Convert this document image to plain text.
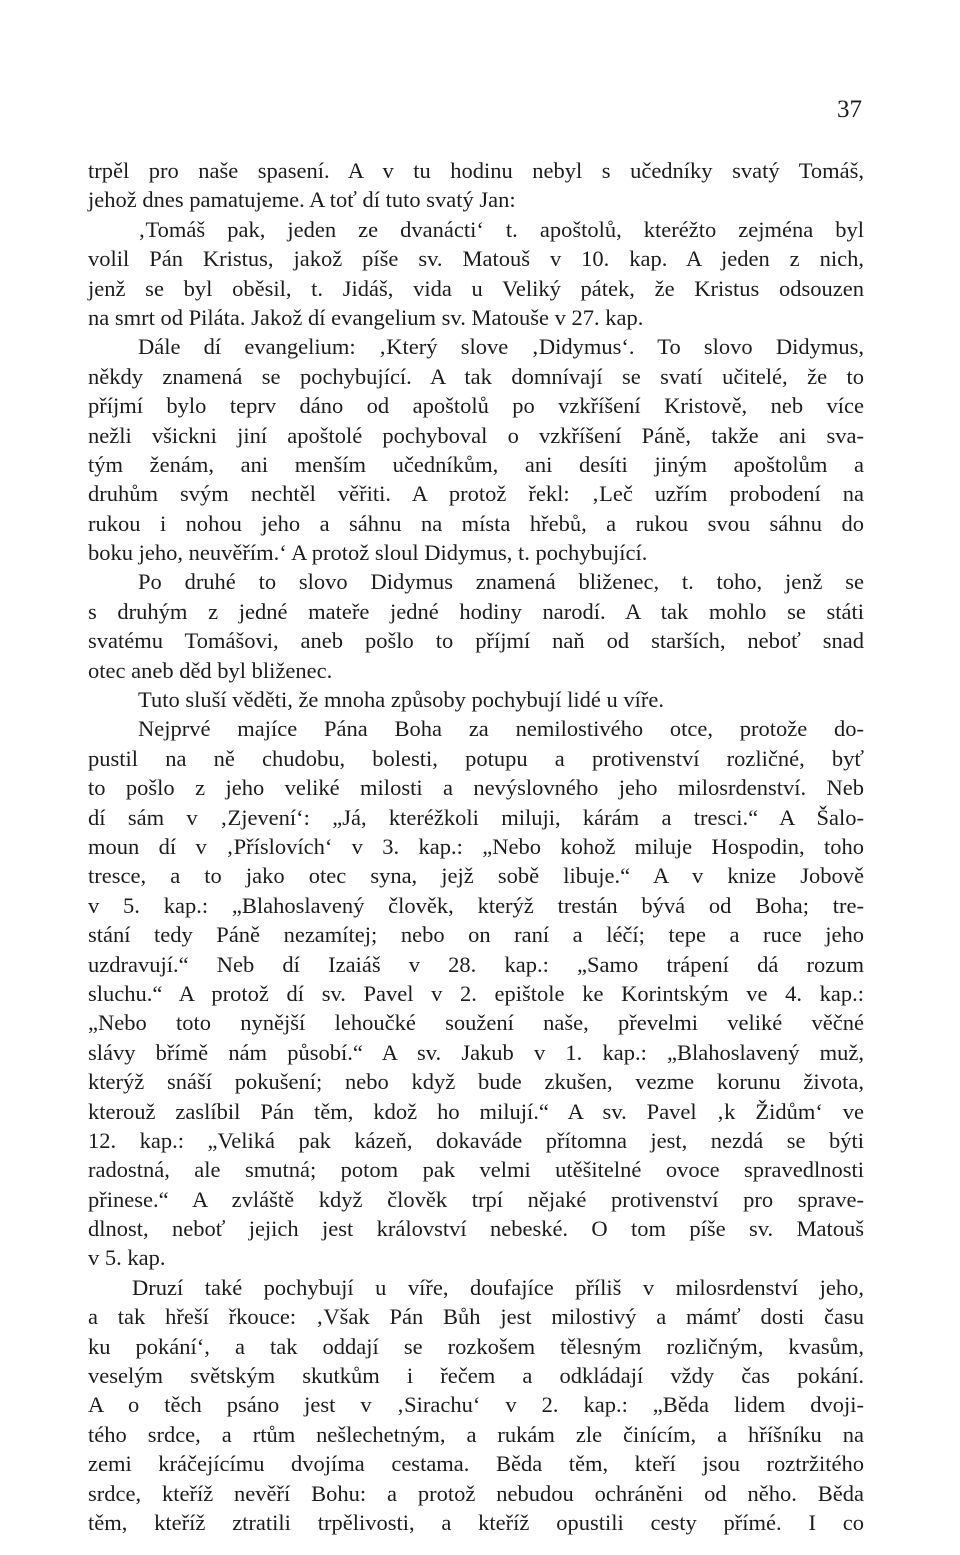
37
trpěl pro naše spasení. A v tu hodinu nebyl s učedníky svatý Tomáš,
jehož dnes pamatujeme. A toť dí tuto svatý Jan:
‚Tomáš pak, jeden ze dvanácti‘ t. apoštolů, kteréžto zejména byl
volil Pán Kristus, jakož píše sv. Matouš v 10. kap. A jeden z nich,
jenž se byl oběsil, t. Jidáš, vida u Veliký pátek, že Kristus odsouzen
na smrt od Piláta. Jakož dí evangelium sv. Matouše v 27. kap.
Dále dí evangelium: ‚Který slove ‚Didymus‘. To slovo Didymus,
někdy znamená se pochybující. A tak domnívají se svatí učitelé, že to
příjmí bylo teprv dáno od apoštolů po vzkříšení Kristově, neb více
nežli všicknі jiní apoštolé pochyboval o vzkříšení Páně, takže ani sva-
tým ženám, ani menším učedníkům, ani desíti jiným apoštolům a
druhům svým nechtěl věřiti. A protož řekl: ‚Leč uzřím probodení na
rukou i nohou jeho a sáhnu na místa hřebů, a rukou svou sáhnu do
boku jeho, neuvěřím.‘ A protož sloul Didymus, t. pochybující.
Po druhé to slovo Didymus znamená bliženec, t. toho, jenž se
s druhým z jedné mateře jedné hodiny narodí. A tak mohlo se státi
svatému Tomášovi, aneb pošlo to příjmí naň od starších, neboť snad
otec aneb děd byl bliženec.
Tuto sluší věděti, že mnoha způsoby pochybují lidé u víře.
Nejprvé majíce Pána Boha za nemilostivého otce, protože do-
pustil na ně chudobu, bolesti, potupu a protivenství rozličné, byť
to pošlo z jeho veliké milosti a nevýslovného jeho milosrdenství. Neb
dí sám v ‚Zjevení‘: „Já, kteréžkoli miluji, kárám a tresci.“ A Šalo-
moun dí v ‚Příslovích‘ v 3. kap.: „Nebo kohož miluje Hospodin, toho
tresce, a to jako otec syna, jejž sobě libuje.“ A v knize Jobově
v 5. kap.: „Blahoslavený člověk, kterýž trestán bývá od Boha; tre-
stání tedy Páně nezamítej; nebo on raní a léčí; tepe a ruce jeho
uzdravují.“ Neb dí Izaiáš v 28. kap.: „Samo trápení dá rozum
sluchu.“ A protož dí sv. Pavel v 2. epištole ke Korintským ve 4. kap.:
„Nebo toto nynější lehoučké soužení naše, převelmi veliké věčné
slávy břímě nám působí.“ A sv. Jakub v 1. kap.: „Blahoslavený muž,
kterýž snáší pokušení; nebo když bude zkušen, vezme korunu života,
kterouž zaslíbil Pán těm, kdož ho milují.“ A sv. Pavel ‚k Židům‘ ve
12. kap.: „Veliká pak kázeň, dokaváde přítomna jest, nezdá se býti
radostná, ale smutná; potom pak velmi utěšitelné ovoce spravedlnosti
přinese.“ A zvláště když člověk trpí nějaké protivenství pro sprave-
dlnost, neboť jejich jest království nebeské. O tom píše sv. Matouš
v 5. kap.
Druzí také pochybují u víře, doufajíce příliš v milosrdenství jeho,
a tak hřeší řkouce: ‚Však Pán Bůh jest milostivý a mámť dosti času
ku pokání‘, a tak oddají se rozkošem tělesným rozličným, kvasům,
veselým světským skutkům i řečem a odkládají vždy čas pokání.
A o těch psáno jest v ‚Sirachu‘ v 2. kap.: „Běda lidem dvoji-
tého srdce, a rtům nešlechetným, a rukám zle činícím, a hříšníku na
zemi kráčejícímu dvojíma cestama. Běda těm, kteří jsou roztržitého
srdce, kteříž nevěří Bohu: a protož nebudou ochráněni od něho. Běda
těm, kteříž ztratili trpělivosti, a kteříž opustili cesty přímé. I co
